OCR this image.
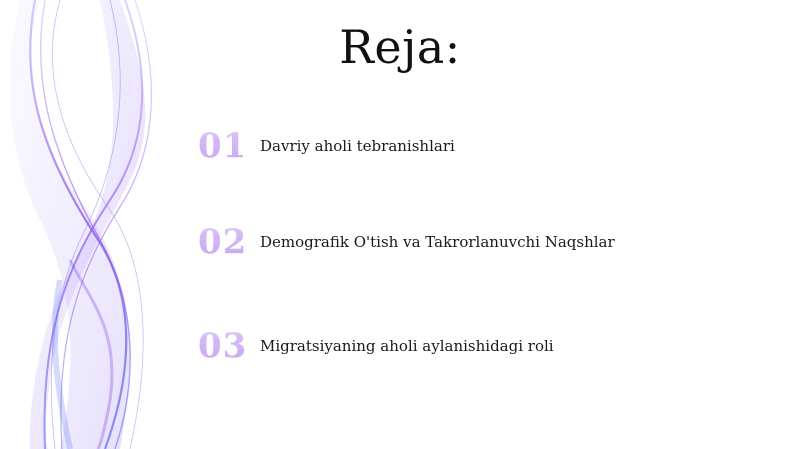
Reja:
01 Davriy aholi tebranishlari
02 Demografik O'tish va Takrorlanuvchi Naqshlar
03 Migratsiyaning aholi aylanishidagi roli
